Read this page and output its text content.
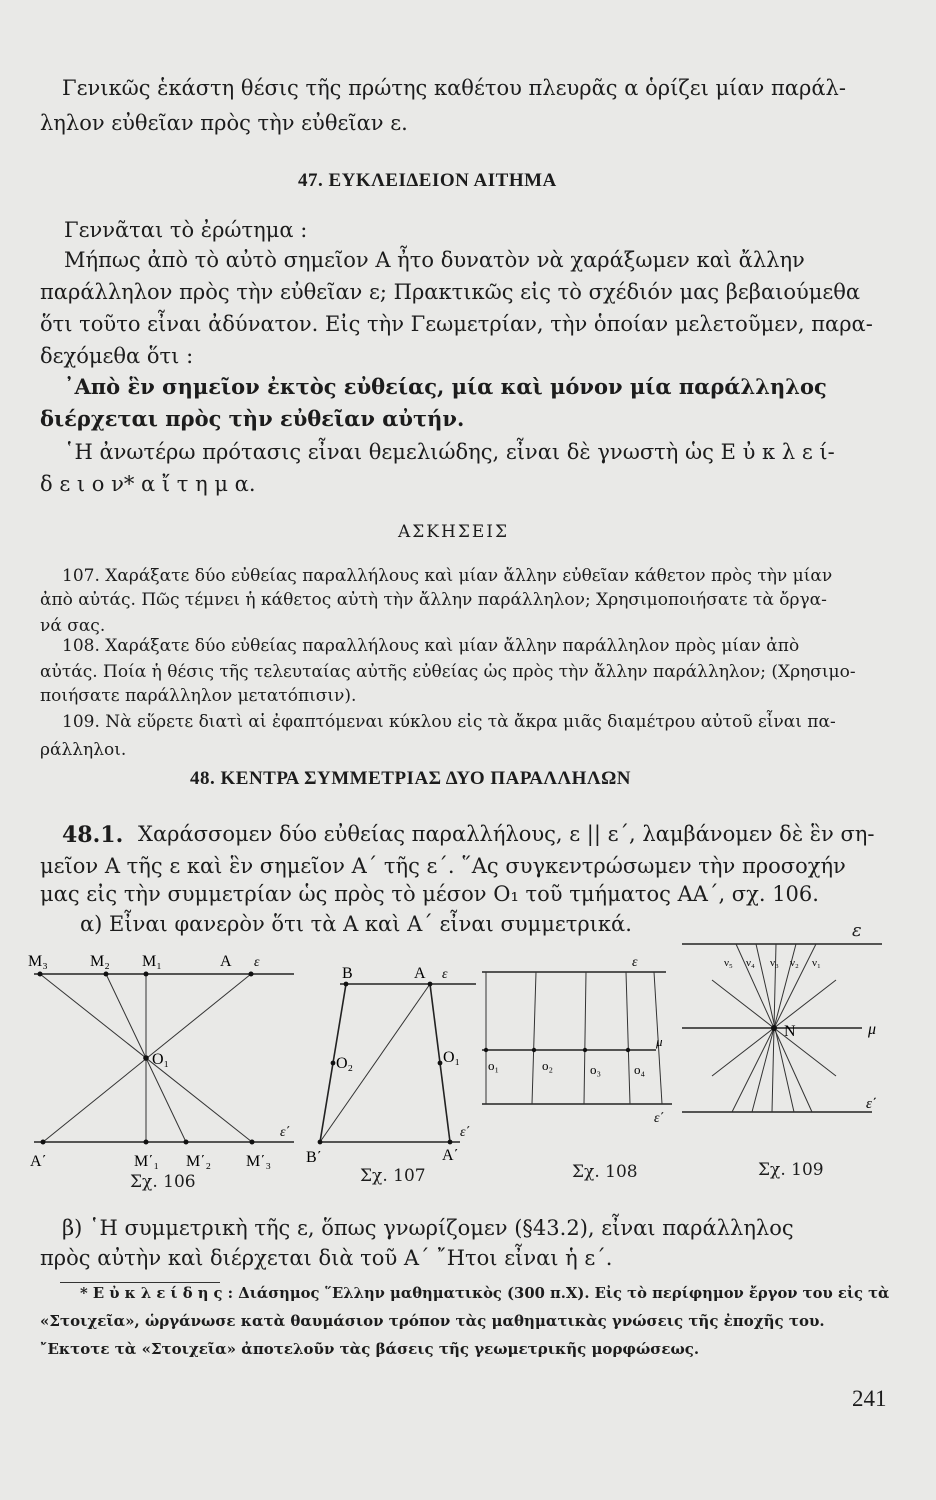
Γενικῶς ἑκάστη θέσις τῆς πρώτης καθέτου πλευρᾶς α ὁρίζει μίαν παράλ-
ληλον εὐθεῖαν πρὸς τὴν εὐθεῖαν ε.
47. ΕΥΚΛΕΙΔΕΙΟΝ ΑΙΤΗΜΑ
Γεννᾶται τὸ ἐρώτημα :
Μήπως ἀπὸ τὸ αὐτὸ σημεῖον Α ἦτο δυνατὸν νὰ χαράξωμεν καὶ ἄλλην
παράλληλον πρὸς τὴν εὐθεῖαν ε; Πρακτικῶς εἰς τὸ σχέδιόν μας βεβαιούμεθα
ὅτι τοῦτο εἶναι ἀδύνατον. Εἰς τὴν Γεωμετρίαν, τὴν ὁποίαν μελετοῦμεν, παρα-
δεχόμεθα ὅτι :
᾽Απὸ ἓν σημεῖον ἐκτὸς εὐθείας, μία καὶ μόνον μία παράλληλος
διέρχεται πρὸς τὴν εὐθεῖαν αὐτήν.
῾Η ἀνωτέρω πρότασις εἶναι θεμελιώδης, εἶναι δὲ γνωστὴ ὡς Ε ὐ κ λ ε ί-
δ ε ι ο ν* α ἴ τ η μ α.
ΑΣΚΗΣΕΙΣ
107. Χαράξατε δύο εὐθείας παραλλήλους καὶ μίαν ἄλλην εὐθεῖαν κάθετον πρὸς τὴν μίαν
ἀπὸ αὐτάς. Πῶς τέμνει ἡ κάθετος αὐτὴ τὴν ἄλλην παράλληλον; Χρησιμοποιήσατε τὰ ὄργα-
νά σας.
108. Χαράξατε δύο εὐθείας παραλλήλους καὶ μίαν ἄλλην παράλληλον πρὸς μίαν ἀπὸ
αὐτάς. Ποία ἡ θέσις τῆς τελευταίας αὐτῆς εὐθείας ὡς πρὸς τὴν ἄλλην παράλληλον; (Χρησιμο-
ποιήσατε παράλληλον μετατόπισιν).
109. Νὰ εὕρετε διατὶ αἱ ἐφαπτόμεναι κύκλου εἰς τὰ ἄκρα μιᾶς διαμέτρου αὐτοῦ εἶναι πα-
ράλληλοι.
48. ΚΕΝΤΡΑ ΣΥΜΜΕΤΡΙΑΣ ΔΥΟ ΠΑΡΑΛΛΗΛΩΝ
48.1. Χαράσσομεν δύο εὐθείας παραλλήλους, ε || ε΄, λαμβάνομεν δὲ ἓν ση-
μεῖον Α τῆς ε καὶ ἓν σημεῖον Α΄ τῆς ε΄. ῞Ας συγκεντρώσωμεν τὴν προσοχήν
μας εἰς τὴν συμμετρίαν ὡς πρὸς τὸ μέσον Ο₁ τοῦ τμήματος ΑΑ΄, σχ. 106.
α) Εἶναι φανερὸν ὅτι τὰ Α καὶ Α΄ εἶναι συμμετρικά.
M₃	M₂ M₁	A ε
O₁
A΄	M΄₁ M΄₂ M΄₃
ε΄
Σχ. 106
B	A ε
O₂	O₁
B΄	A΄
ε΄
Σχ. 107
ε
μ
o₁	o₂	o₃	o₄
ε΄
Σχ. 108
ν₅ ν₄ ν₃ ν₂ ν₁
N	μ
ε΄
ε
Σχ. 109
β) ῾Η συμμετρικὴ τῆς ε, ὅπως γνωρίζομεν (§43.2), εἶναι παράλληλος
πρὸς αὐτὴν καὶ διέρχεται διὰ τοῦ Α΄ ῎Ητοι εἶναι ἡ ε΄.
* Ε ὐ κ λ ε ί δ η ς : Διάσημος ῞Ελλην μαθηματικὸς (300 π.Χ). Εἰς τὸ περίφημον ἔργον του εἰς τὰ
«Στοιχεῖα», ὡργάνωσε κατὰ θαυμάσιον τρόπον τὰς μαθηματικὰς γνώσεις τῆς ἐποχῆς του.
῎Εκτοτε τὰ «Στοιχεῖα» ἀποτελοῦν τὰς βάσεις τῆς γεωμετρικῆς μορφώσεως.
241
